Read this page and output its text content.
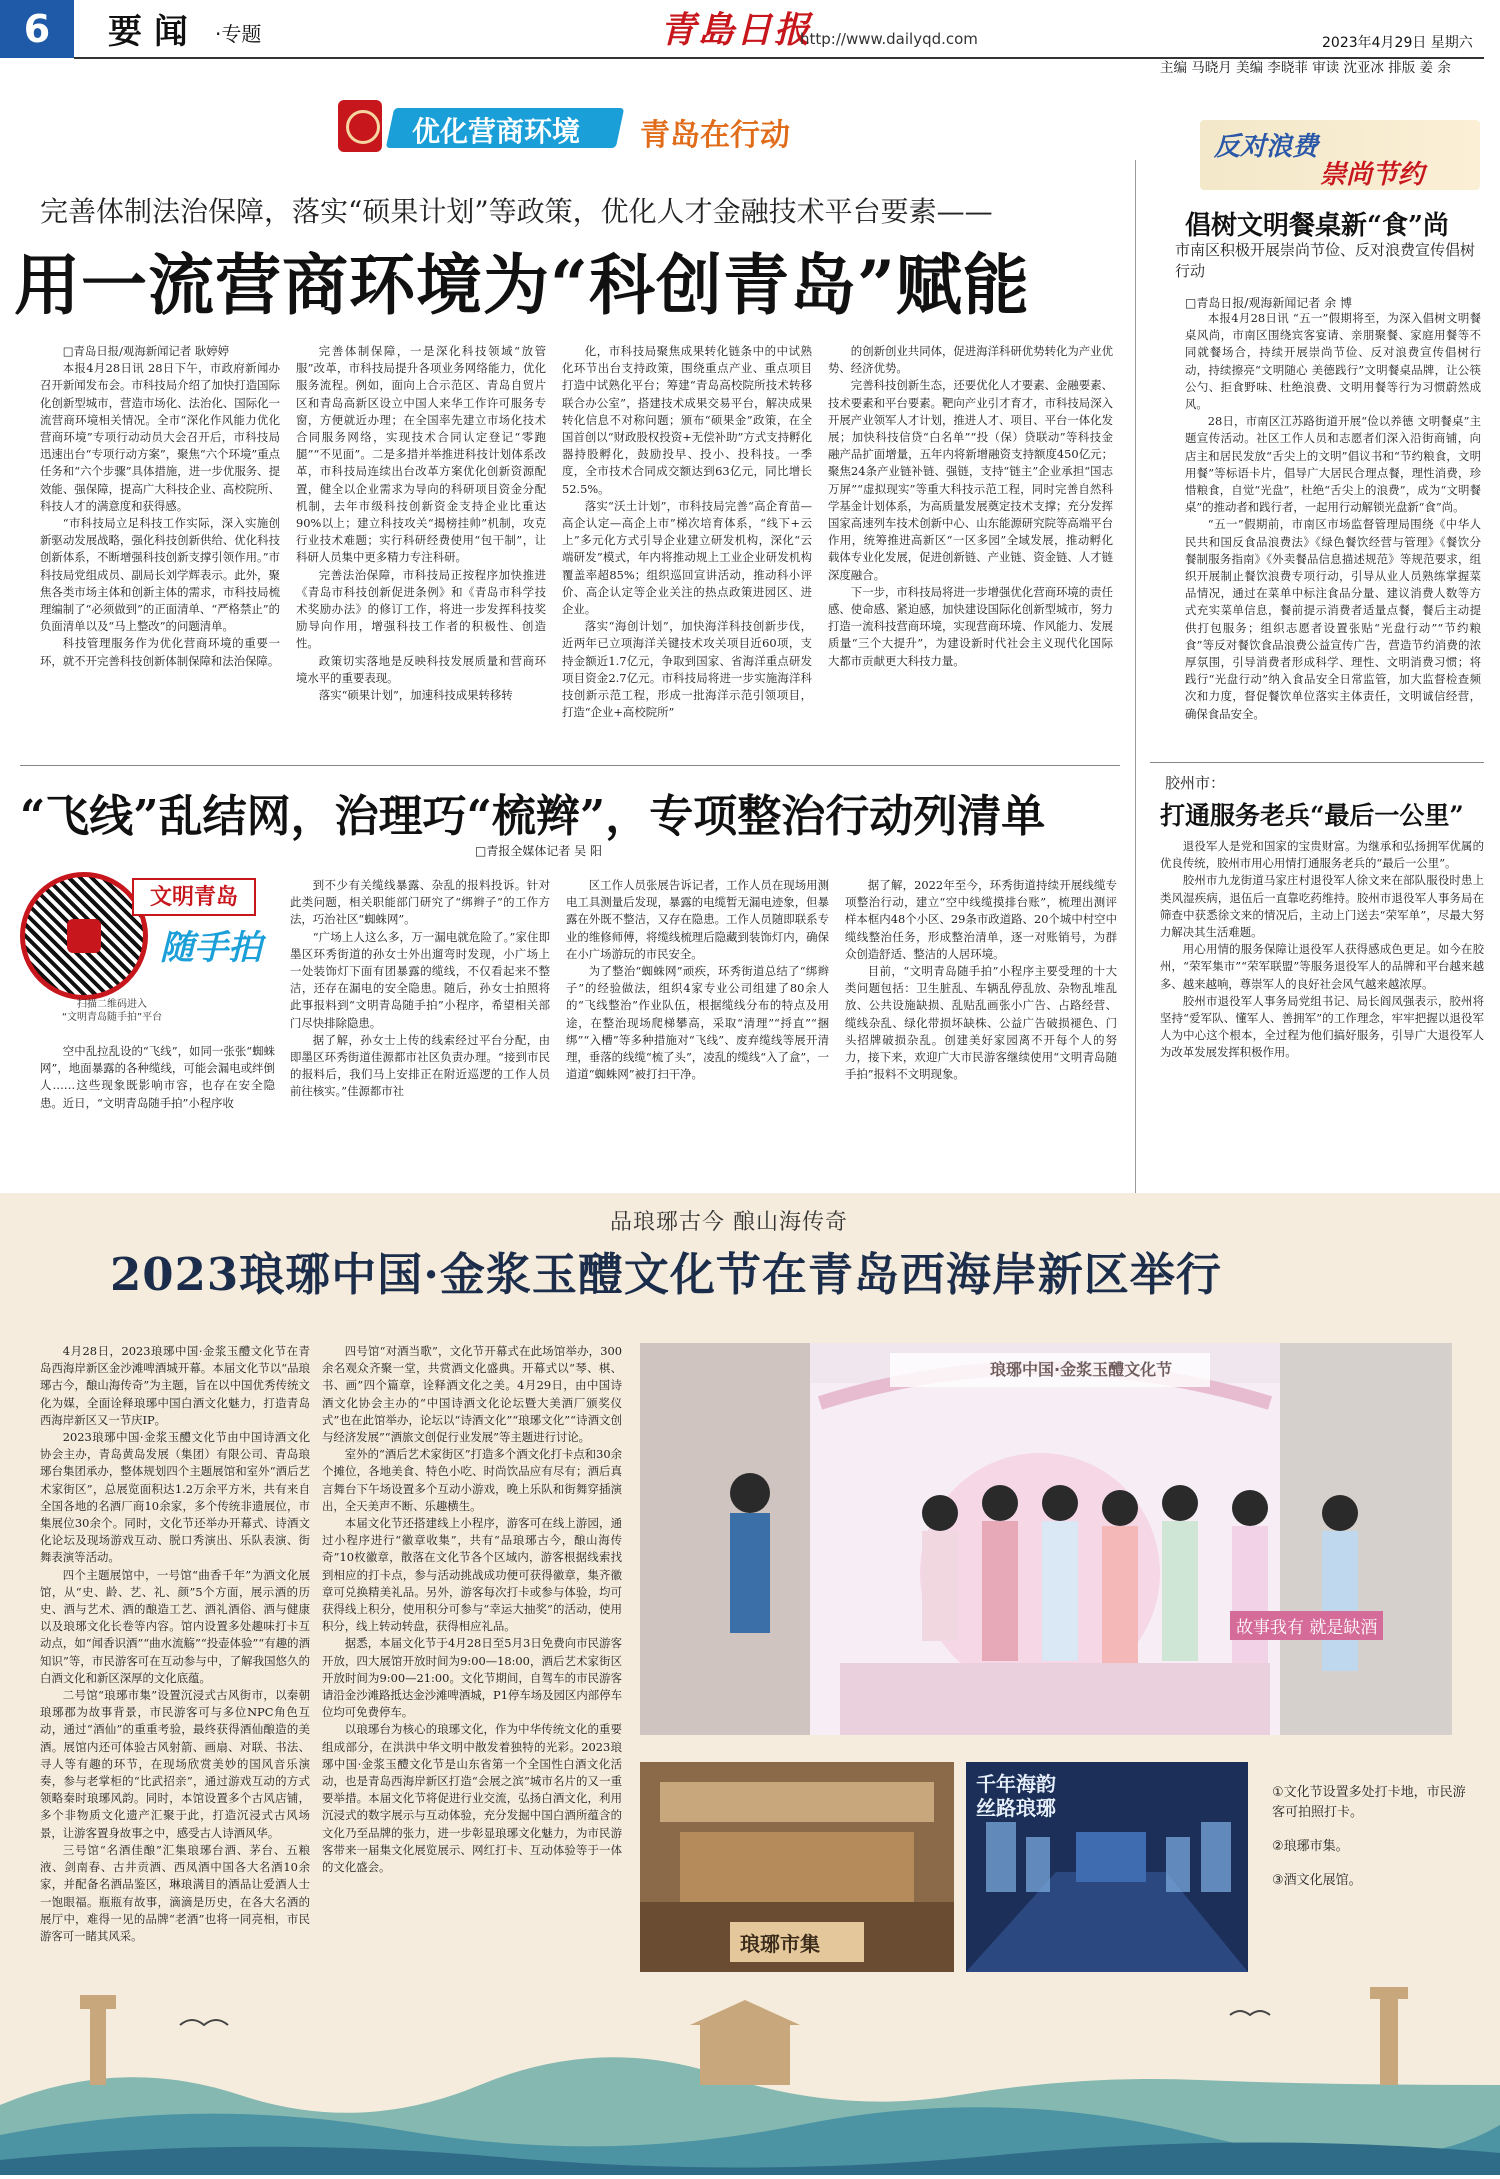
6	要 闻 ·专题	青島日报
http://www.dailyqd.com	2023年4月29日 星期六
主编 马晓月 美编 李晓菲 审读 沈亚冰 排版 姜 余
优化营商环境 青岛在行动
完善体制法治保障，落实“硕果计划”等政策，优化人才金融技术平台要素——
用一流营商环境为“科创青岛”赋能

□青岛日报/观海新闻记者 耿婷婷

本报4月28日讯 28日下午，市政府新闻办召开新闻发布会。市科技局介绍了加快打造国际化创新型城市，营造市场化、法治化、国际化一流营商环境相关情况。全市“深化作风能力优化营商环境”专项行动动员大会召开后，市科技局迅速出台“专项行动方案”，聚焦“六个环境”重点任务和“六个步骤”具体措施，进一步优服务、提效能、强保障，提高广大科技企业、高校院所、科技人才的满意度和获得感。

“市科技局立足科技工作实际，深入实施创新驱动发展战略，强化科技创新供给、优化科技创新体系，不断增强科技创新支撑引领作用。”市科技局党组成员、副局长刘学辉表示。此外，聚焦各类市场主体和创新主体的需求，市科技局梳理编制了“必须做到”的正面清单、“严格禁止”的负面清单以及“马上整改”的问题清单。

科技管理服务作为优化营商环境的重要一环，就不开完善科技创新体制保障和法治保障。

完善体制保障，一是深化科技领域“放管服”改革，市科技局提升各项业务网络能力，优化服务流程。例如，面向上合示范区、青岛自贸片区和青岛高新区设立中国人来华工作许可服务专窗，方便就近办理；在全国率先建立市场化技术合同服务网络，实现技术合同认定登记“零跑腿”“不见面”。二是多措并举推进科技计划体系改革，市科技局连续出台改革方案优化创新资源配置，健全以企业需求为导向的科研项目资金分配机制，去年市级科技创新资金支持企业比重达90%以上；建立科技攻关“揭榜挂帅”机制，攻克行业技术难题；实行科研经费使用“包干制”，让科研人员集中更多精力专注科研。

完善法治保障，市科技局正按程序加快推进《青岛市科技创新促进条例》和《青岛市科学技术奖励办法》的修订工作，将进一步发挥科技奖励导向作用，增强科技工作者的积极性、创造性。

政策切实落地是反映科技发展质量和营商环境水平的重要表现。

落实“硕果计划”，加速科技成果转移转

化，市科技局聚焦成果转化链条中的中试熟化环节出台支持政策，围绕重点产业、重点项目打造中试熟化平台；筹建“青岛高校院所技术转移联合办公室”，搭建技术成果交易平台，解决成果转化信息不对称问题；颁布“硕果金”政策，在全国首创以“财政股权投资+无偿补助”方式支持孵化器持股孵化，鼓励投早、投小、投科技。一季度，全市技术合同成交额达到63亿元，同比增长52.5%。

落实“沃土计划”，市科技局完善“高企育苗—高企认定—高企上市”梯次培育体系，“线下+云上”多元化方式引导企业建立研发机构，深化“云端研发”模式，年内将推动规上工业企业研发机构覆盖率超85%；组织巡回宣讲活动，推动科小评价、高企认定等企业关注的热点政策进园区、进企业。

落实“海创计划”，加快海洋科技创新步伐，近两年已立项海洋关键技术攻关项目近60项，支持金额近1.7亿元，争取到国家、省海洋重点研发项目资金2.7亿元。市科技局将进一步实施海洋科技创新示范工程，形成一批海洋示范引领项目，打造“企业+高校院所”

的创新创业共同体，促进海洋科研优势转化为产业优势、经济优势。

完善科技创新生态，还要优化人才要素、金融要素、技术要素和平台要素。靶向产业引才育才，市科技局深入开展产业领军人才计划，推进人才、项目、平台一体化发展；加快科技信贷“白名单”“投（保）贷联动”等科技金融产品扩面增量，五年内将新增融资支持额度450亿元；聚焦24条产业链补链、强链，支持“链主”企业承担“国志万屏”“虚拟现实”等重大科技示范工程，同时完善自然科学基金计划体系，为高质量发展奠定技术支撑；充分发挥国家高速列车技术创新中心、山东能源研究院等高端平台作用，统筹推进高新区“一区多园”全域发展，推动孵化载体专业化发展，促进创新链、产业链、资金链、人才链深度融合。

下一步，市科技局将进一步增强优化营商环境的责任感、使命感、紧迫感，加快建设国际化创新型城市，努力打造一流科技营商环境，实现营商环境、作风能力、发展质量“三个大提升”，为建设新时代社会主义现代化国际大都市贡献更大科技力量。

反对浪费
崇尚节约
倡树文明餐桌新“食”尚
市南区积极开展崇尚节俭、反对浪费宣传倡树行动
□青岛日报/观海新闻记者 余 博

本报4月28日讯 “五一”假期将至，为深入倡树文明餐桌风尚，市南区围绕宾客宴请、亲朋聚餐、家庭用餐等不同就餐场合，持续开展崇尚节俭、反对浪费宣传倡树行动，持续擦亮“文明随心 美德践行”文明餐桌品牌，让公筷公勺、拒食野味、杜绝浪费、文明用餐等行为习惯蔚然成风。

28日，市南区江苏路街道开展“俭以养德 文明餐桌”主题宣传活动。社区工作人员和志愿者们深入沿街商铺，向店主和居民发放“舌尖上的文明”倡议书和“节约粮食，文明用餐”等标语卡片，倡导广大居民合理点餐，理性消费，珍惜粮食，自觉“光盘”，杜绝“舌尖上的浪费”，成为“文明餐桌”的推动者和践行者，一起用行动解锁光盘新“食”尚。

“五一”假期前，市南区市场监督管理局围绕《中华人民共和国反食品浪费法》《绿色餐饮经营与管理》《餐饮分餐制服务指南》《外卖餐品信息描述规范》等规范要求，组织开展制止餐饮浪费专项行动，引导从业人员熟练掌握菜品情况，通过在菜单中标注食品分量、建议消费人数等方式充实菜单信息，餐前提示消费者适量点餐，餐后主动提供打包服务；组织志愿者设置张贴“光盘行动”“节约粮食”等反对餐饮食品浪费公益宣传广告，营造节约消费的浓厚氛围，引导消费者形成科学、理性、文明消费习惯；将践行“光盘行动”纳入食品安全日常监管，加大监督检查频次和力度，督促餐饮单位落实主体责任，文明诚信经营，确保食品安全。

胶州市：
打通服务老兵“最后一公里”

退役军人是党和国家的宝贵财富。为继承和弘扬拥军优属的优良传统，胶州市用心用情打通服务老兵的“最后一公里”。

胶州市九龙街道马家庄村退役军人徐文来在部队服役时患上类风湿疾病，退伍后一直靠吃药维持。胶州市退役军人事务局在筛查中获悉徐文来的情况后，主动上门送去“荣军单”，尽最大努力解决其生活难题。

用心用情的服务保障让退役军人获得感成色更足。如今在胶州，“荣军集市”“荣军联盟”等服务退役军人的品牌和平台越来越多、越来越响，尊崇军人的良好社会风气越来越浓厚。

胶州市退役军人事务局党组书记、局长阎凤强表示，胶州将坚持“爱军队、懂军人、善拥军”的工作理念，牢牢把握以退役军人为中心这个根本，全过程为他们搞好服务，引导广大退役军人为改革发展发挥积极作用。

“飞线”乱结网，治理巧“梳辫”，专项整治行动列清单
□青报全媒体记者 吴 阳
文明青岛
随手拍
扫描二维码进入
“文明青岛随手拍”平台

空中乱拉乱设的“飞线”，如同一张张“蜘蛛网”，地面暴露的各种缆线，可能会漏电或绊倒人……这些现象既影响市容，也存在安全隐患。近日，“文明青岛随手拍”小程序收

到不少有关缆线暴露、杂乱的报料投诉。针对此类问题，相关职能部门研究了“绑辫子”的工作方法，巧治社区“蜘蛛网”。

“广场上人这么多，万一漏电就危险了。”家住即墨区环秀街道的孙女士外出遛弯时发现，小广场上一处装饰灯下面有团暴露的缆线，不仅看起来不整洁，还存在漏电的安全隐患。随后，孙女士拍照将此事报料到“文明青岛随手拍”小程序，希望相关部门尽快排除隐患。

据了解，孙女士上传的线索经过平台分配，由即墨区环秀街道佳源都市社区负责办理。“接到市民的报料后，我们马上安排正在附近巡逻的工作人员前往核实。”佳源都市社

区工作人员张展告诉记者，工作人员在现场用测电工具测量后发现，暴露的电缆暂无漏电迹象，但暴露在外既不整洁，又存在隐患。工作人员随即联系专业的维修师傅，将缆线梳理后隐藏到装饰灯内，确保在小广场游玩的市民安全。

为了整治“蜘蛛网”顽疾，环秀街道总结了“绑辫子”的经验做法，组织4家专业公司组建了80余人的“飞线整治”作业队伍，根据缆线分布的特点及用途，在整治现场爬梯攀高，采取“清理”“捋直”“捆绑”“入槽”等多种措施对“飞线”、废弃缆线等展开清理，垂落的线缆“梳了头”，凌乱的缆线“入了盒”，一道道“蜘蛛网”被打扫干净。

据了解，2022年至今，环秀街道持续开展线缆专项整治行动，建立“空中线缆摸排台账”，梳理出测评样本框内48个小区、29条市政道路、20个城中村空中缆线整治任务，形成整治清单，逐一对账销号，为群众创造舒适、整洁的人居环境。

目前，“文明青岛随手拍”小程序主要受理的十大类问题包括：卫生脏乱、车辆乱停乱放、杂物乱堆乱放、公共设施缺损、乱贴乱画张小广告、占路经营、缆线杂乱、绿化带损坏缺株、公益广告破损褪色、门头招牌破损杂乱。创建美好家园离不开每个人的努力，接下来，欢迎广大市民游客继续使用“文明青岛随手拍”报料不文明现象。

品琅琊古今 酿山海传奇
2023琅琊中国·金浆玉醴文化节在青岛西海岸新区举行

4月28日，2023琅琊中国·金浆玉醴文化节在青岛西海岸新区金沙滩啤酒城开幕。本届文化节以“品琅琊古今，酿山海传奇”为主题，旨在以中国优秀传统文化为媒，全面诠释琅琊中国白酒文化魅力，打造青岛西海岸新区又一节庆IP。

2023琅琊中国·金浆玉醴文化节由中国诗酒文化协会主办，青岛黄岛发展（集团）有限公司、青岛琅琊台集团承办，整体规划四个主题展馆和室外“酒后艺术家街区”，总展览面积达1.2万余平方米，共有来自全国各地的名酒厂商10余家，多个传统非遗展位，市集展位30余个。同时，文化节还举办开幕式、诗酒文化论坛及现场游戏互动、脱口秀演出、乐队表演、街舞表演等活动。

四个主题展馆中，一号馆“曲香千年”为酒文化展馆，从“史、龄、艺、礼、颜”5个方面，展示酒的历史、酒与艺术、酒的酿造工艺、酒礼酒俗、酒与健康以及琅琊文化长卷等内容。馆内设置多处趣味打卡互动点，如“闻香识酒”“曲水流觞”“投壶体验”“有趣的酒知识”等，市民游客可在互动参与中，了解我国悠久的白酒文化和新区深厚的文化底蕴。

二号馆“琅琊市集”设置沉浸式古风街市，以秦朝琅琊郡为故事背景，市民游客可与多位NPC角色互动，通过“酒仙”的重重考验，最终获得酒仙酿造的美酒。展馆内还可体验古风射箭、画扇、对联、书法、寻人等有趣的环节，在现场欣赏美妙的国风音乐演奏，参与老掌柜的“比武招亲”，通过游戏互动的方式领略秦时琅琊风韵。同时，本馆设置多个古风店铺，多个非物质文化遗产汇聚于此，打造沉浸式古风场景，让游客置身故事之中，感受古人诗酒风华。

三号馆“名酒佳酿”汇集琅琊台酒、茅台、五粮液、剑南春、古井贡酒、西凤酒中国各大名酒10余家，并配备名酒品鉴区，琳琅满目的酒品让爱酒人士一饱眼福。瓶瓶有故事，滴滴是历史，在各大名酒的展厅中，难得一见的品牌“老酒”也将一同亮相，市民游客可一睹其风采。

四号馆“对酒当歌”，文化节开幕式在此场馆举办，300余名观众齐聚一堂，共赏酒文化盛典。开幕式以“琴、棋、书、画”四个篇章，诠释酒文化之美。4月29日，由中国诗酒文化协会主办的“中国诗酒文化论坛暨大美酒厂颁奖仪式”也在此馆举办，论坛以“诗酒文化”“琅琊文化”“诗酒文创与经济发展”“酒旅文创促行业发展”等主题进行讨论。

室外的“酒后艺术家街区”打造多个酒文化打卡点和30余个摊位，各地美食、特色小吃、时尚饮品应有尽有；酒后真言舞台下午场设置多个互动小游戏，晚上乐队和街舞穿插演出，全天美声不断、乐趣横生。

本届文化节还搭建线上小程序，游客可在线上游园，通过小程序进行“徽章收集”，共有“品琅琊古今，酿山海传奇”10枚徽章，散落在文化节各个区域内，游客根据线索找到相应的打卡点，参与活动挑战成功便可获得徽章，集齐徽章可兑换精美礼品。另外，游客每次打卡或参与体验，均可获得线上积分，使用积分可参与“幸运大抽奖”的活动，使用积分，线上转动转盘，获得相应礼品。

据悉，本届文化节于4月28日至5月3日免费向市民游客开放，四大展馆开放时间为9:00—18:00，酒后艺术家街区开放时间为9:00—21:00。文化节期间，自驾车的市民游客请沿金沙滩路抵达金沙滩啤酒城，P1停车场及园区内部停车位均可免费停车。

以琅琊台为核心的琅琊文化，作为中华传统文化的重要组成部分，在洪洪中华文明中散发着独特的光彩。2023琅琊中国·金浆玉醴文化节是山东省第一个全国性白酒文化活动，也是青岛西海岸新区打造“会展之滨”城市名片的又一重要举措。本届文化节将促进行业交流，弘扬白酒文化，利用沉浸式的数字展示与互动体验，充分发掘中国白酒所蕴含的文化乃至品牌的张力，进一步彰显琅琊文化魅力，为市民游客带来一届集文化展览展示、网红打卡、互动体验等于一体的文化盛会。

琅琊中国·金浆玉醴文化节
故事我有 就是缺酒
琅琊市集
千年海韵 丝路琅琊
①文化节设置多处打卡地，市民游客可拍照打卡。
②琅琊市集。
③酒文化展馆。
